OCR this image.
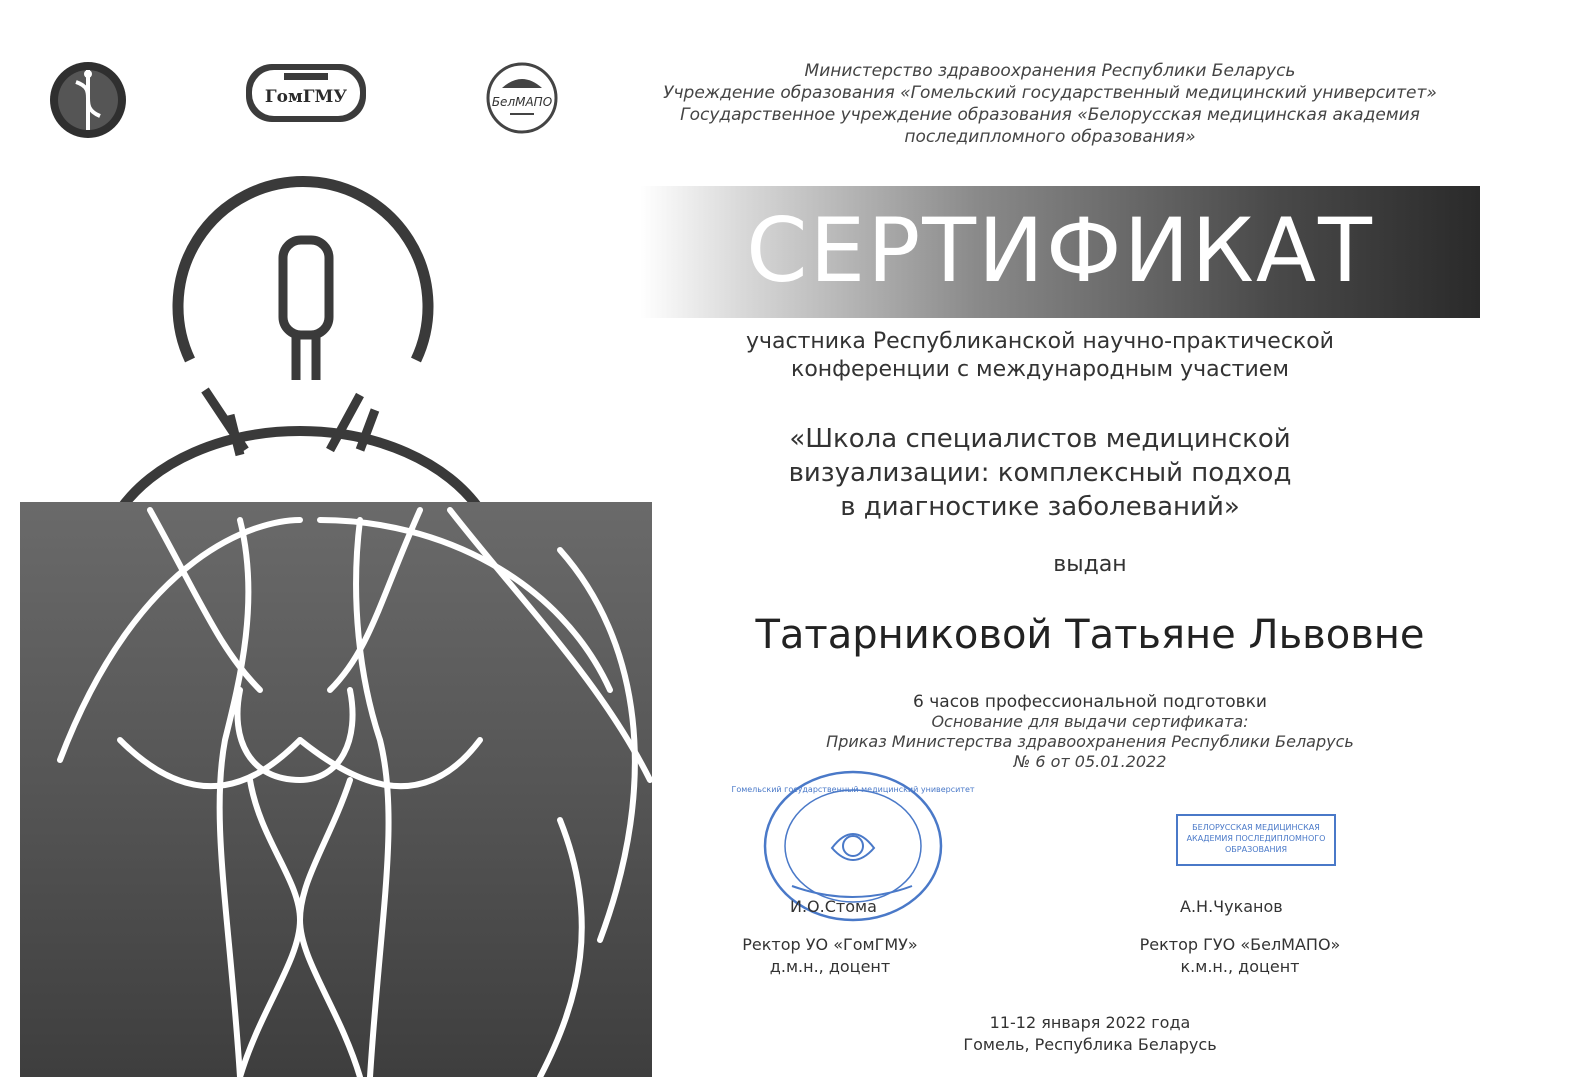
ГомГМУ	БелМАПО
Министерство здравоохранения Республики Беларусь
Учреждение образования «Гомельский государственный медицинский университет»
Государственное учреждение образования «Белорусская медицинская академия
последипломного образования»
СЕРТИФИКАТ
участника Республиканской научно-практической
конференции с международным участием
«Школа специалистов медицинской
визуализации: комплексный подход
в диагностике заболеваний»
выдан
Татарниковой Татьяне Львовне
6 часов профессиональной подготовки
Основание для выдачи сертификата:
Приказ Министерства здравоохранения Республики Беларусь
№ 6 от 05.01.2022
Гомельский государственный медицинский университет
БЕЛОРУССКАЯ МЕДИЦИНСКАЯ
АКАДЕМИЯ ПОСЛЕДИПЛОМНОГО
ОБРАЗОВАНИЯ
И.О.Стома
Ректор УО «ГомГМУ»
д.м.н., доцент
А.Н.Чуканов
Ректор ГУО «БелМАПО»
к.м.н., доцент
11-12 января 2022 года
Гомель, Республика Беларусь
